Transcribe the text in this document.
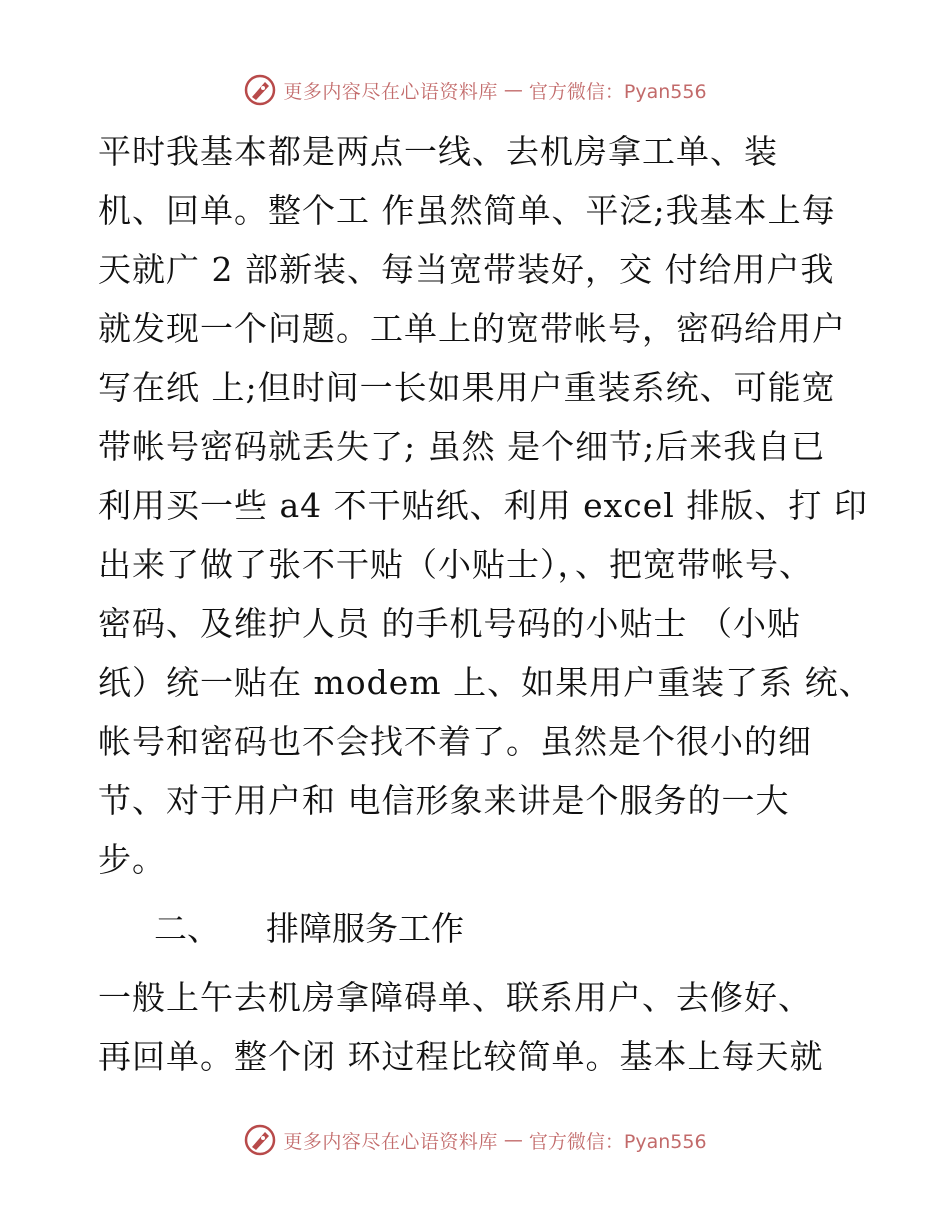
更多内容尽在心语资料库 — 官方微信：Pyan556
平时我基本都是两点一线、去机房拿工单、装
机、回单。整个工 作虽然简单、平泛;我基本上每
天就广 2 部新装、每当宽带装好，交 付给用户我
就发现一个问题。工单上的宽带帐号，密码给用户
写在纸 上;但时间一长如果用户重装系统、可能宽
带帐号密码就丢失了; 虽然 是个细节;后来我自已
利用买一些 a4 不干贴纸、利用 excel 排版、打 印
出来了做了张不干贴（小贴士），、把宽带帐号、
密码、及维护人员 的手机号码的小贴士 （小贴
纸）统一贴在 modem 上、如果用户重装了系 统、
帐号和密码也不会找不着了。虽然是个很小的细
节、对于用户和 电信形象来讲是个服务的一大
步。
二、 排障服务工作
一般上午去机房拿障碍单、联系用户、去修好、
再回单。整个闭 环过程比较简单。基本上每天就
更多内容尽在心语资料库 — 官方微信：Pyan556
